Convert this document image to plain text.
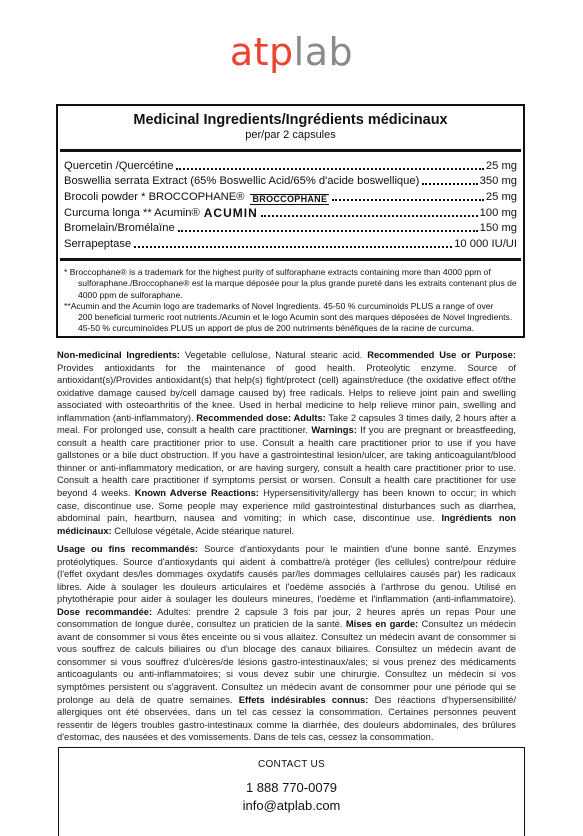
atplab
Medicinal Ingredients/Ingrédients médicinaux
per/par 2 capsules
Quercetin /Quercétine	25 mg
Boswellia serrata Extract (65% Boswellic Acid/65% d'acide boswellique)	350 mg
Brocoli powder * BROCCOPHANE® BROCCOPHANE	25 mg
Curcuma longa ** Acumin® ACUMIN	100 mg
Bromelain/Bromélaïne	150 mg
Serrapeptase	10 000 IU/UI

* Broccophane® is a trademark for the highest purity of sulforaphane extracts containing more than 4000 ppm of

sulforaphane./Broccophane® est la marque déposée pour la plus grande pureté dans les extraits contenant plus de

4000 ppm de sulforaphane.

**Acumin and the Acumin logo are trademarks of Novel Ingredients. 45-50 % curcuminoids PLUS a range of over

200 beneficial turmeric root nutrients./Acumin et le logo Acumin sont des marques déposées de Novel Ingredients.

45-50 % curcuminoïdes PLUS un apport de plus de 200 nutriments bénéfiques de la racine de curcuma.

Non-medicinal Ingredients: Vegetable cellulose, Natural stearic acid. Recommended Use or Purpose: Provides antioxidants for the maintenance of good health. Proteolytic enzyme. Source of antioxidant(s)/Provides antioxidant(s) that help(s) fight/protect (cell) against/reduce (the oxidative effect of/the oxidative damage caused by/cell damage caused by) free radicals. Helps to relieve joint pain and swelling associated with osteoarthritis of the knee. Used in herbal medicine to help relieve minor pain, swelling and inflammation (anti-inflammatory). Recommended dose: Adults: Take 2 capsules 3 times daily, 2 hours after a meal. For prolonged use, consult a health care practitioner. Warnings: If you are pregnant or breastfeeding, consult a health care practitioner prior to use. Consult a health care practitioner prior to use if you have gallstones or a bile duct obstruction. If you have a gastrointestinal lesion/ulcer, are taking anticoagulant/blood thinner or anti-inflammatory medication, or are having surgery, consult a health care practitioner prior to use. Consult a health care practitioner if symptoms persist or worsen. Consult a health care practitioner for use beyond 4 weeks. Known Adverse Reactions: Hypersensitivity/allergy has been known to occur; in which case, discontinue use. Some people may experience mild gastrointestinal disturbances such as diarrhea, abdominal pain, heartburn, nausea and vomiting; in which case, discontinue use. Ingrédients non médicinaux: Cellulose végétale, Acide stéarique naturel.
Usage ou fins recommandés: Source d'antioxydants pour le maintien d'une bonne santé. Enzymes protéolytiques. Source d'antioxydants qui aident à combattre/à protéger (les cellules) contre/pour réduire (l'effet oxydant des/les dommages oxydatifs causés par/les dommages cellulaires causés par) les radicaux libres. Aide à soulager les douleurs articulaires et l'oedème associés à l'arthrose du genou. Utilisé en phytothérapie pour aider à soulager les douleurs mineures, l'oedème et l'inflammation (anti-inflammatoire). Dose recommandée: Adultes: prendre 2 capsule 3 fois par jour, 2 heures après un repas Pour une consommation de longue durée, consultez un praticien de la santé. Mises en garde: Consultez un médecin avant de consommer si vous êtes enceinte ou si vous allaitez. Consultez un médecin avant de consommer si vous souffrez de calculs biliaires ou d'un blocage des canaux biliaires. Consultez un médecin avant de consommer si vous souffrez d'ulcères/de lésions gastro-intestinaux/ales; si vous prenez des médicaments anticoagulants ou anti-inflammatoires; si vous devez subir une chirurgie. Consultez un médecin si vos symptômes persistent ou s'aggravent. Consultez un médecin avant de consommer pour une période qui se prolonge au delà de quatre semaines. Effets indésirables connus: Des réactions d'hypersensibilité/ allergiques ont été observées, dans un tel cas cessez la consommation. Certaines personnes peuvent ressentir de légers troubles gastro-intestinaux comme la diarrhée, des douleurs abdominales, des brûlures d'estomac, des nausées et des vomissements. Dans de tels cas, cessez la consommation.
CONTACT US
1 888 770-0079
info@atplab.com
